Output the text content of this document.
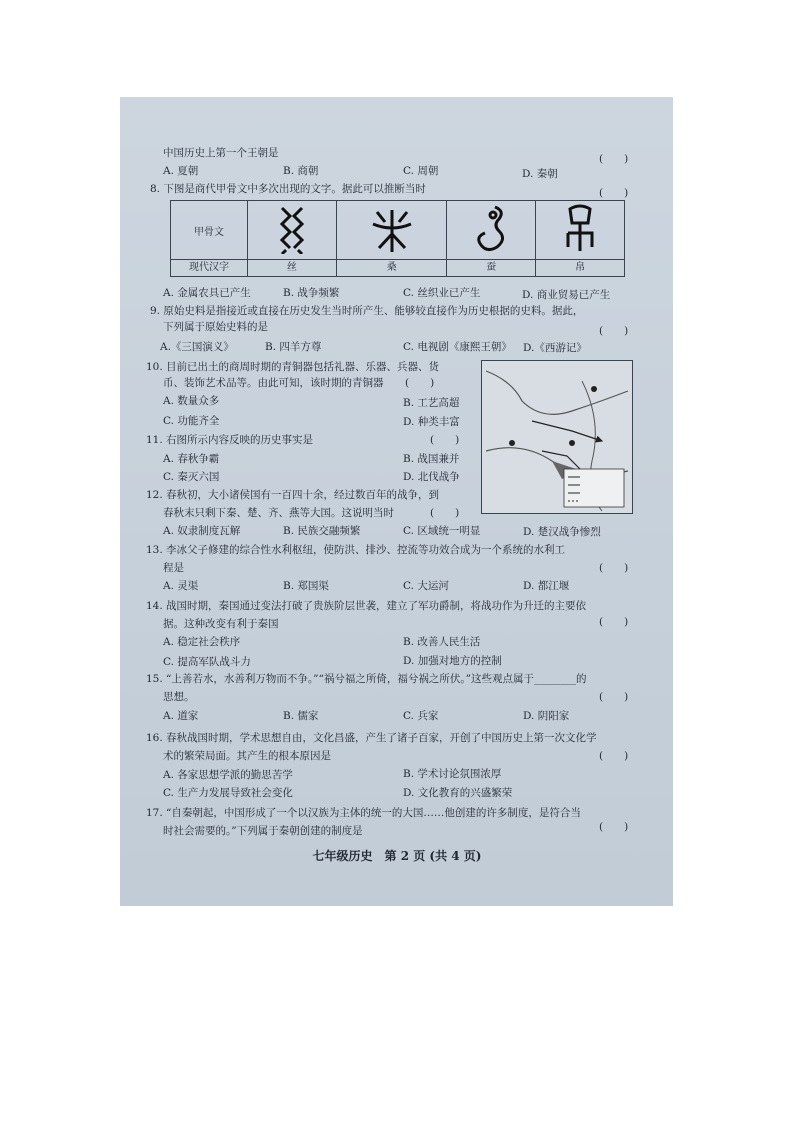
中国历史上第一个王朝是	(　　)
A. 夏朝	B. 商朝	C. 周朝	D. 秦朝
8. 下图是商代甲骨文中多次出现的文字。据此可以推断当时	(　　)
甲骨文				
现代汉字	丝	桑	蚕	帛
A. 金属农具已产生	B. 战争频繁	C. 丝织业已产生	D. 商业贸易已产生
9. 原始史料是指接近或直接在历史发生当时所产生、能够较直接作为历史根据的史料。据此，
下列属于原始史料的是	(　　)
A.《三国演义》	B. 四羊方尊	C. 电视剧《康熙王朝》 D.《西游记》
10. 目前已出土的商周时期的青铜器包括礼器、乐器、兵器、货
币、装饰艺术品等。由此可知，该时期的青铜器 (　　)
A. 数量众多	B. 工艺高超
C. 功能齐全	D. 种类丰富
11. 右图所示内容反映的历史事实是	(　　)
A. 春秋争霸	B. 战国兼并
C. 秦灭六国	D. 北伐战争
12. 春秋初，大小诸侯国有一百四十余，经过数百年的战争，到
春秋末只剩下秦、楚、齐、燕等大国。这说明当时	(　　)
A. 奴隶制度瓦解	B. 民族交融频繁	C. 区域统一明显	D. 楚汉战争惨烈
13. 李冰父子修建的综合性水利枢纽，使防洪、排沙、控流等功效合成为一个系统的水利工
程是	(　　)
A. 灵渠	B. 郑国渠	C. 大运河	D. 都江堰
14. 战国时期，秦国通过变法打破了贵族阶层世袭，建立了军功爵制，将战功作为升迁的主要依
据。这种改变有利于秦国	(　　)
A. 稳定社会秩序	B. 改善人民生活
C. 提高军队战斗力	D. 加强对地方的控制
15. “上善若水，水善利万物而不争。”“祸兮福之所倚，福兮祸之所伏。”这些观点属于________的
思想。	(　　)
A. 道家	B. 儒家	C. 兵家	D. 阴阳家
16. 春秋战国时期，学术思想自由，文化昌盛，产生了诸子百家，开创了中国历史上第一次文化学
术的繁荣局面。其产生的根本原因是	(　　)
A. 各家思想学派的勤思苦学	B. 学术讨论氛围浓厚
C. 生产力发展导致社会变化	D. 文化教育的兴盛繁荣
17. “自秦朝起，中国形成了一个以汉族为主体的统一的大国……他创建的许多制度，是符合当
时社会需要的。”下列属于秦朝创建的制度是	(　　)
七年级历史　第 2 页 (共 4 页)
